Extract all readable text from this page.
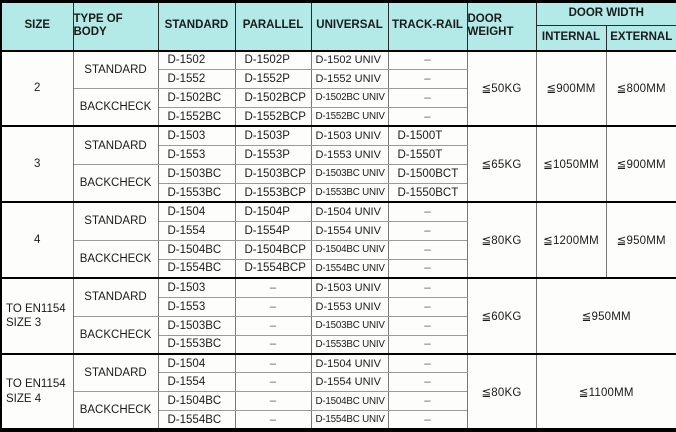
SIZE	TYPE OF BODY	STANDARD	PARALLEL	UNIVERSAL	TRACK-RAIL	DOOR WEIGHT	DOOR WIDTH	
							INTERNAL	EXTERNAL
2	STANDARD	D-1502	D-1502P	D-1502 UNIV	–	≦50KG	≦900MM	≦800MM
		D-1552	D-1552P	D-1552 UNIV	–			
	BACKCHECK	D-1502BC	D-1502BCP	D-1502BC UNIV	–			
		D-1552BC	D-1552BCP	D-1552BC UNIV	–			
3	STANDARD	D-1503	D-1503P	D-1503 UNIV	D-1500T	≦65KG	≦1050MM	≦900MM
		D-1553	D-1553P	D-1553 UNIV	D-1550T			
	BACKCHECK	D-1503BC	D-1503BCP	D-1503BC UNIV	D-1500BCT			
		D-1553BC	D-1553BCP	D-1553BC UNIV	D-1550BCT			
4	STANDARD	D-1504	D-1504P	D-1504 UNIV	–	≦80KG	≦1200MM	≦950MM
		D-1554	D-1554P	D-1554 UNIV	–			
	BACKCHECK	D-1504BC	D-1504BCP	D-1504BC UNIV	–			
		D-1554BC	D-1554BCP	D-1554BC UNIV	–			
TO EN1154 SIZE 3	STANDARD	D-1503	–	D-1503 UNIV	–	≦60KG	≦950MM	
		D-1553	–	D-1553 UNIV	–			
	BACKCHECK	D-1503BC	–	D-1503BC UNIV	–			
		D-1553BC	–	D-1553BC UNIV	–			
TO EN1154 SIZE 4	STANDARD	D-1504	–	D-1504 UNIV	–	≦80KG	≦1100MM	
		D-1554	–	D-1554 UNIV	–			
	BACKCHECK	D-1504BC	–	D-1504BC UNIV	–			
		D-1554BC	–	D-1554BC UNIV	–			
